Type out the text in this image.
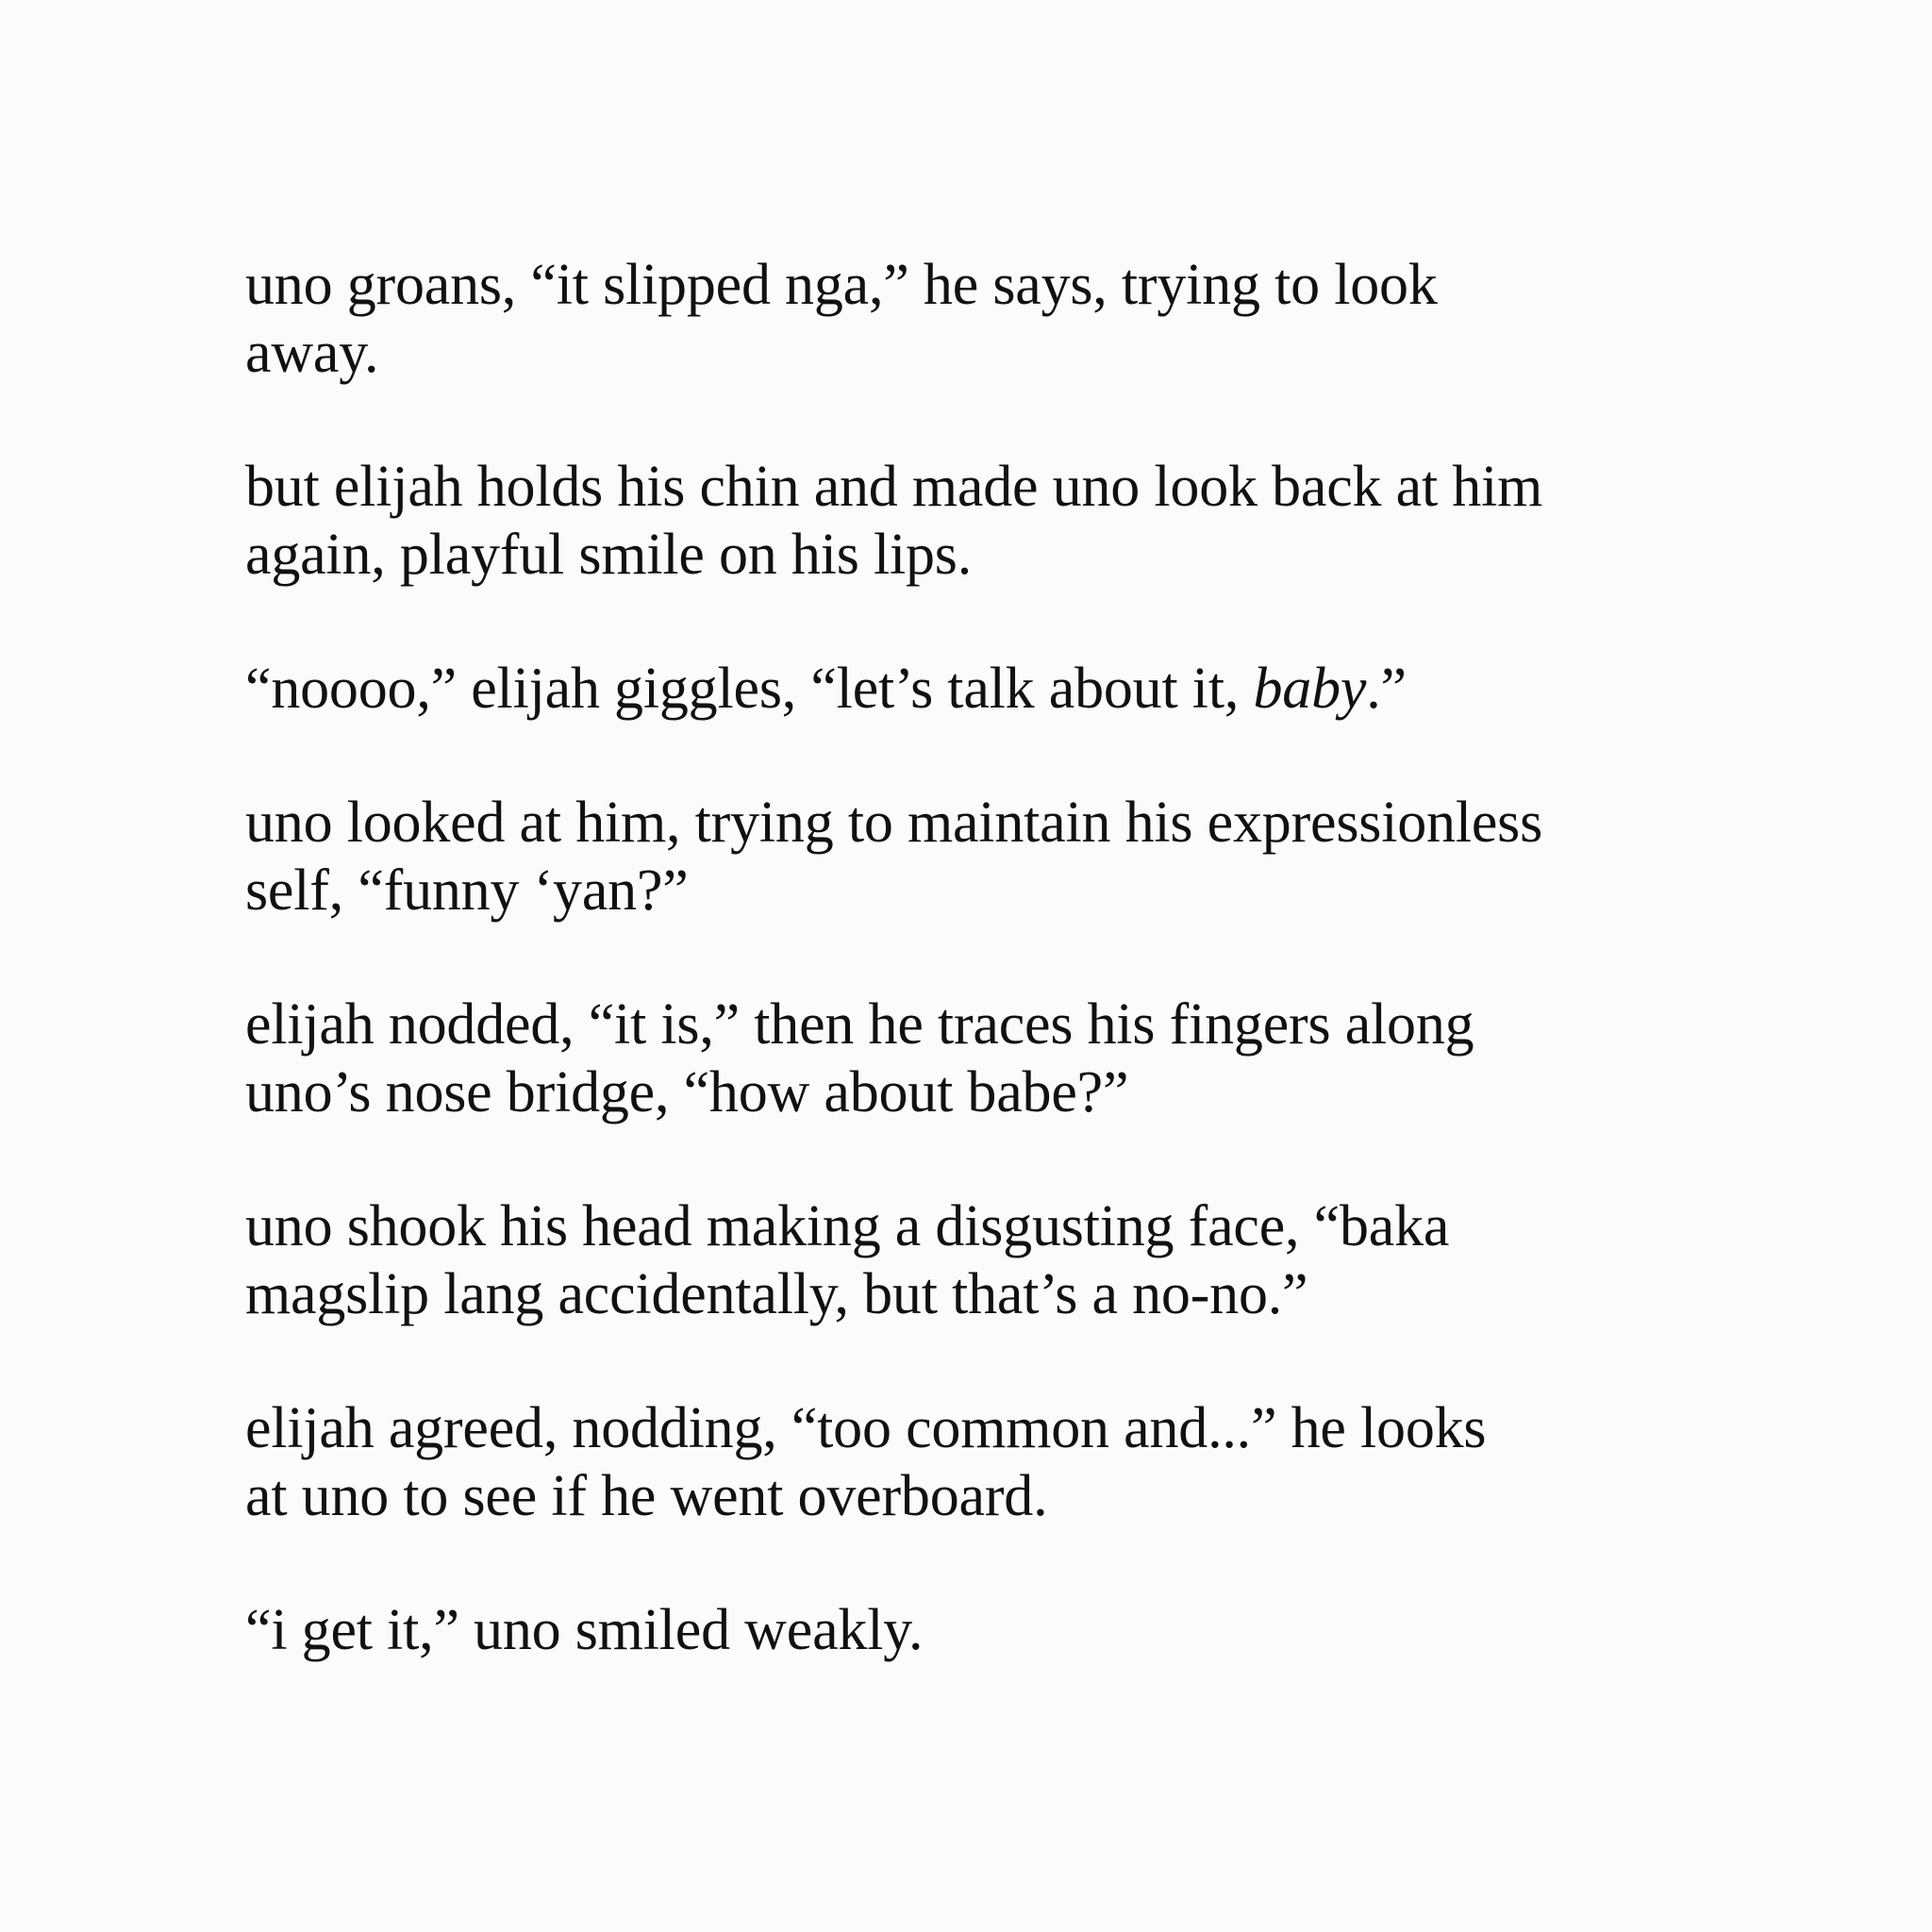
uno groans, “it slipped nga,” he says, trying to look
away.

but elijah holds his chin and made uno look back at him
again, playful smile on his lips.

“noooo,” elijah giggles, “let’s talk about it, baby.”

uno looked at him, trying to maintain his expressionless
self, “funny ‘yan?”

elijah nodded, “it is,” then he traces his fingers along
uno’s nose bridge, “how about babe?”

uno shook his head making a disgusting face, “baka
magslip lang accidentally, but that’s a no-no.”

elijah agreed, nodding, “too common and...” he looks
at uno to see if he went overboard.

“i get it,” uno smiled weakly.
